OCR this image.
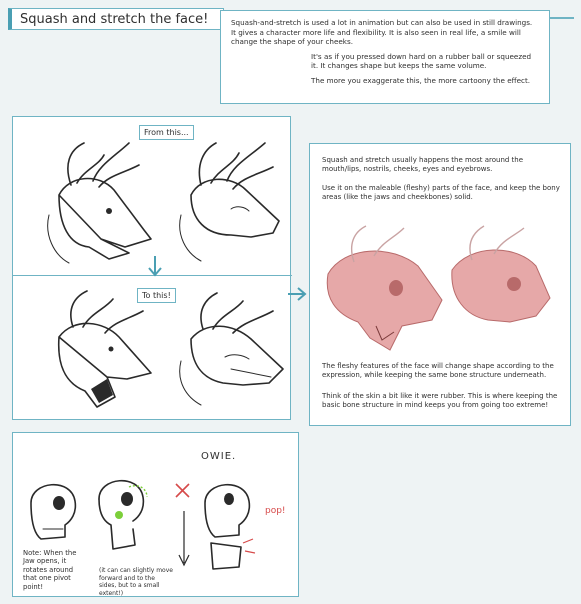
Squash and stretch the face!	Squash-and-stretch is used a lot in animation but can also be used in still drawings. It gives a character more life and flexibility. It is also seen in real life, a smile will change the shape of your cheeks.

It's as if you pressed down hard on a rubber ball or squeezed it. It changes shape but keeps the same volume.

The more you exaggerate this, the more cartoony the effect.

From this...
To this!
Squash and stretch usually happens the most around the mouth/lips, nostrils, cheeks, eyes and eyebrows.
Use it on the maleable (fleshy) parts of the face, and keep the bony areas (like the jaws and cheekbones) solid.
The fleshy features of the face will change shape according to the expression, while keeping the same bone structure underneath.
Think of the skin a bit like it were rubber. This is where keeping the basic bone structure in mind keeps you from going too extreme!
OWIE.
pop!
Note: When the Jaw opens, it rotates around that one pivot point!
(it can can slightly move forward and to the sides, but to a small extent!)
